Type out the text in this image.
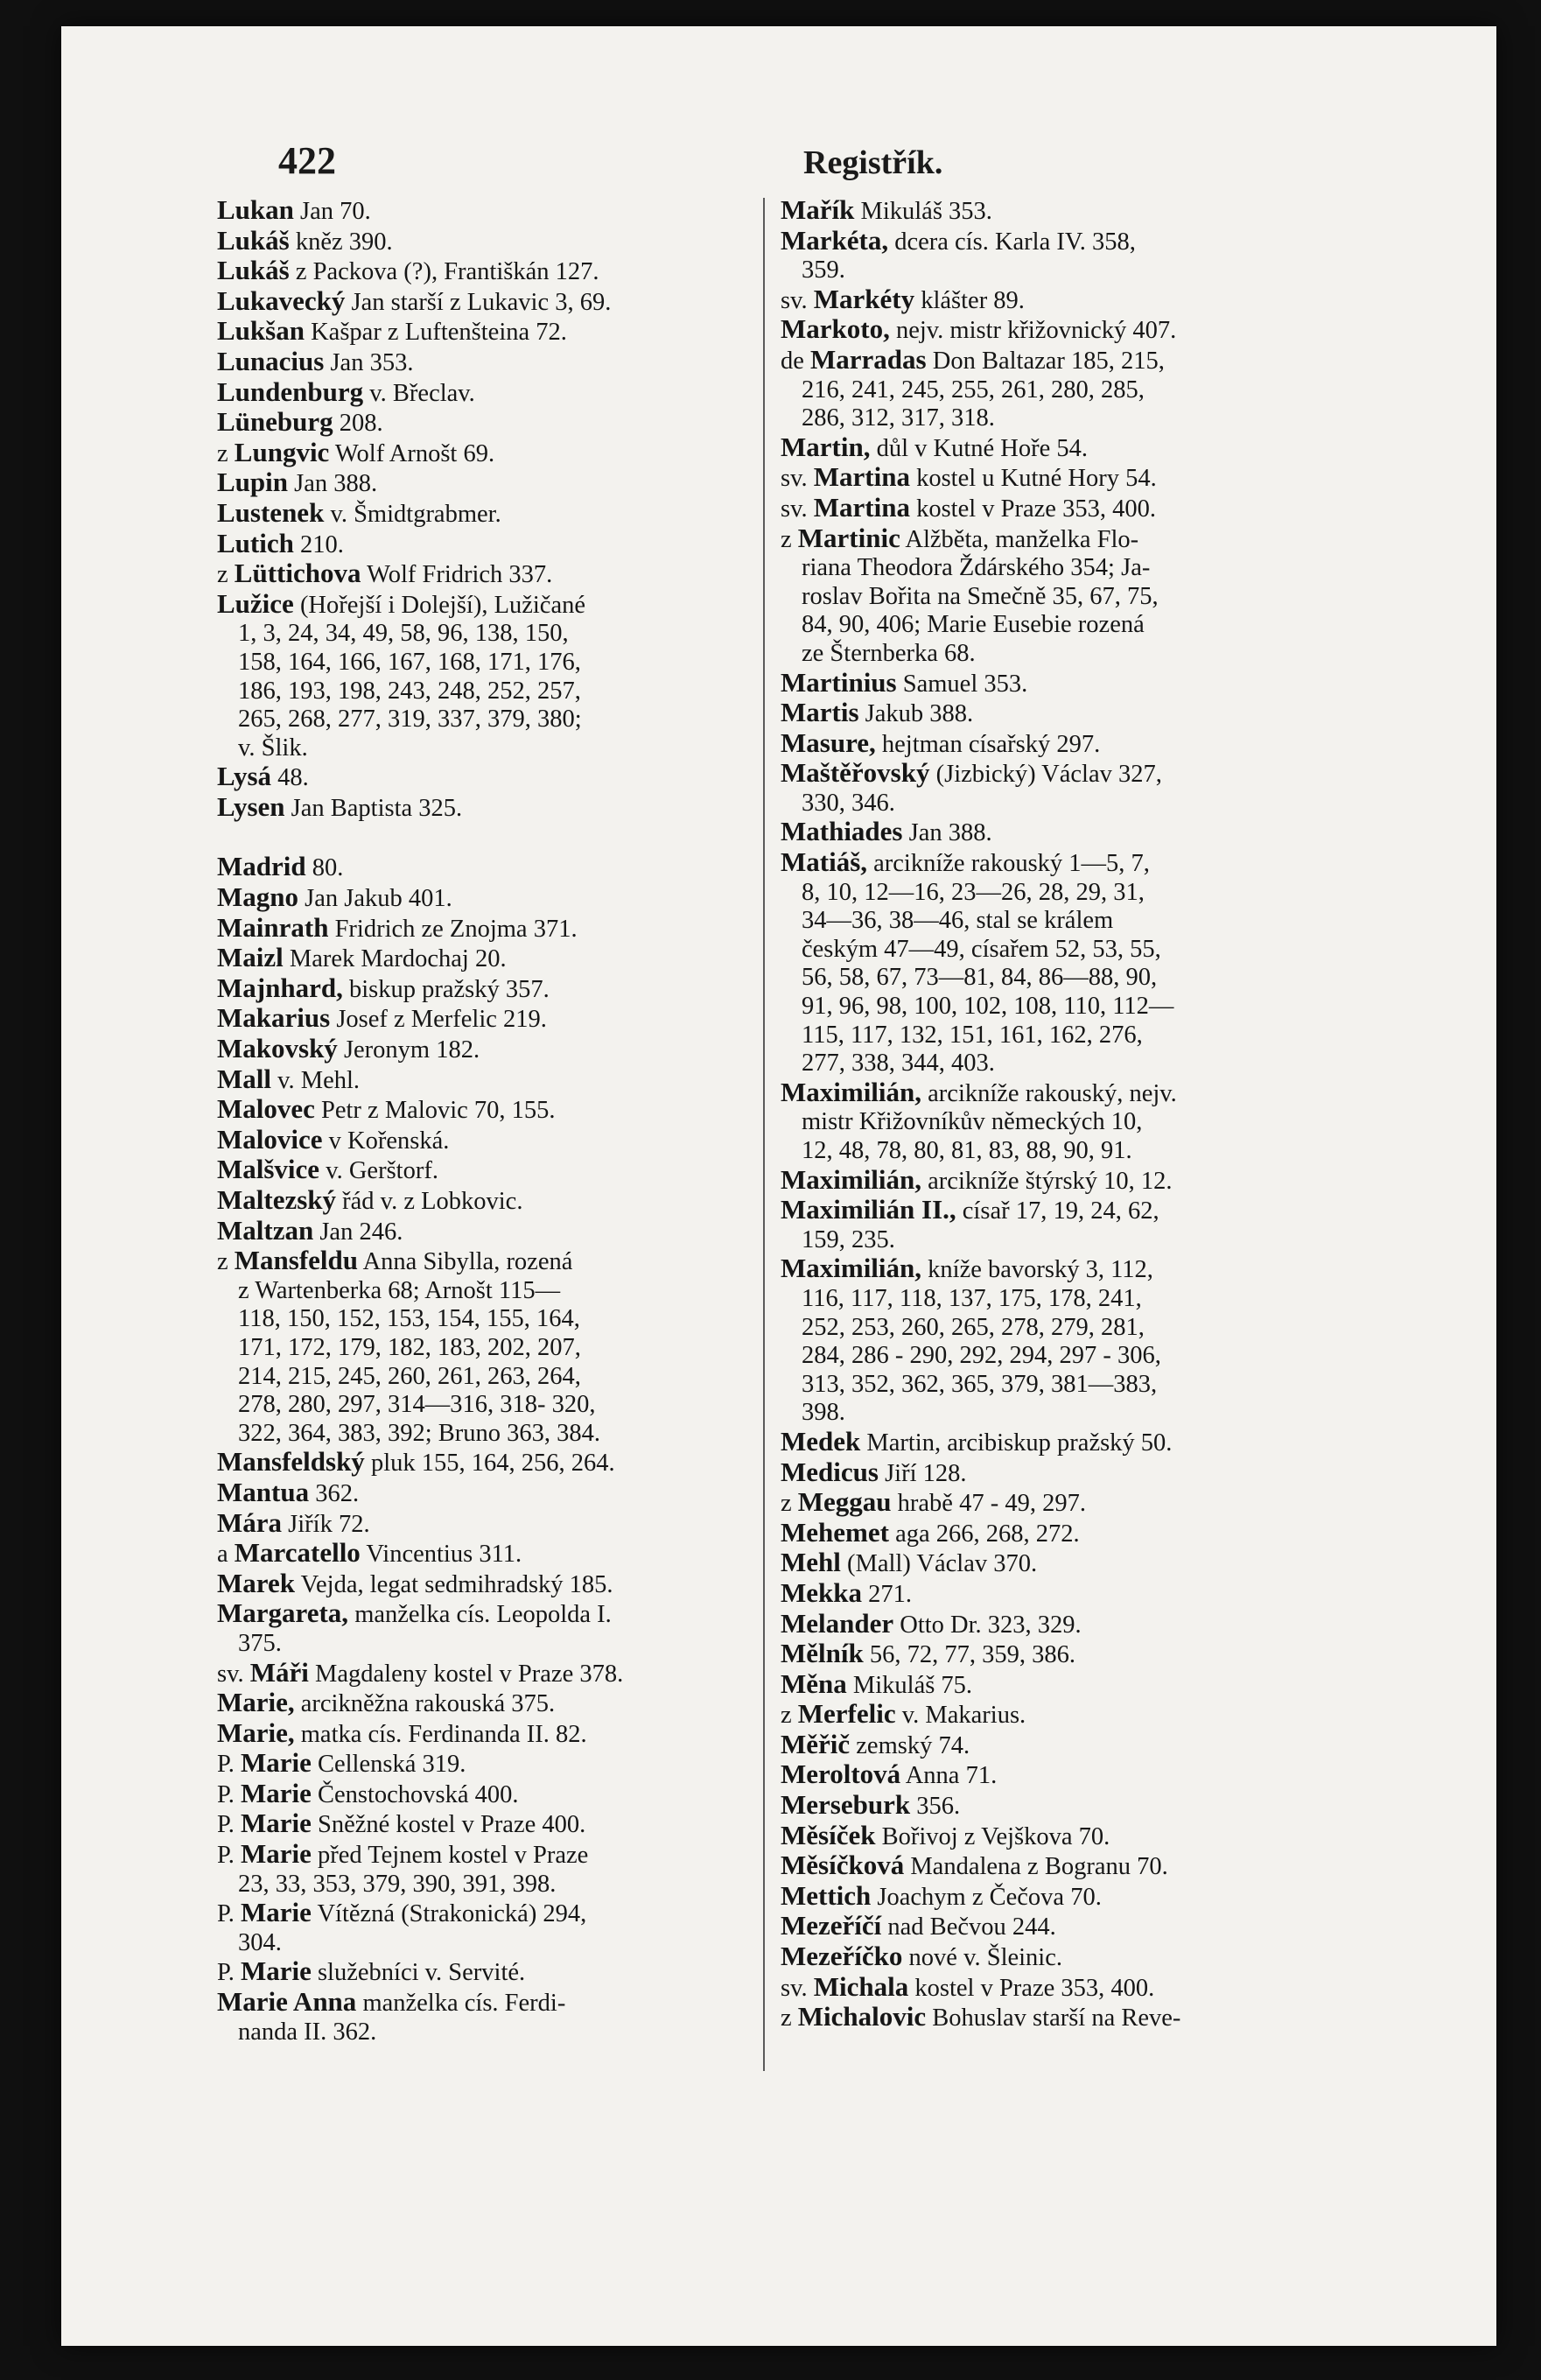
422	Registřík.
Lukan Jan 70.
Lukáš kněz 390.
Lukáš z Packova (?), Františkán 127.
Lukavecký Jan starší z Lukavic 3, 69.
Lukšan Kašpar z Luftenšteina 72.
Lunacius Jan 353.
Lundenburg v. Břeclav.
Lüneburg 208.
z Lungvic Wolf Arnošt 69.
Lupin Jan 388.
Lustenek v. Šmidtgrabmer.
Lutich 210.
z Lüttichova Wolf Fridrich 337.
Lužice (Hořejší i Dolejší), Lužičané
1, 3, 24, 34, 49, 58, 96, 138, 150,
158, 164, 166, 167, 168, 171, 176,
186, 193, 198, 243, 248, 252, 257,
265, 268, 277, 319, 337, 379, 380;
v. Šlik.
Lysá 48.
Lysen Jan Baptista 325.
Madrid 80.
Magno Jan Jakub 401.
Mainrath Fridrich ze Znojma 371.
Maizl Marek Mardochaj 20.
Majnhard, biskup pražský 357.
Makarius Josef z Merfelic 219.
Makovský Jeronym 182.
Mall v. Mehl.
Malovec Petr z Malovic 70, 155.
Malovice v Kořenská.
Malšvice v. Gerštorf.
Maltezský řád v. z Lobkovic.
Maltzan Jan 246.
z Mansfeldu Anna Sibylla, rozená
z Wartenberka 68; Arnošt 115—
118, 150, 152, 153, 154, 155, 164,
171, 172, 179, 182, 183, 202, 207,
214, 215, 245, 260, 261, 263, 264,
278, 280, 297, 314—316, 318- 320,
322, 364, 383, 392; Bruno 363, 384.
Mansfeldský pluk 155, 164, 256, 264.
Mantua 362.
Mára Jiřík 72.
a Marcatello Vincentius 311.
Marek Vejda, legat sedmihradský 185.
Margareta, manželka cís. Leopolda I.
375.
sv. Máři Magdaleny kostel v Praze 378.
Marie, arcikněžna rakouská 375.
Marie, matka cís. Ferdinanda II. 82.
P. Marie Cellenská 319.
P. Marie Čenstochovská 400.
P. Marie Sněžné kostel v Praze 400.
P. Marie před Tejnem kostel v Praze
23, 33, 353, 379, 390, 391, 398.
P. Marie Vítězná (Strakonická) 294,
304.
P. Marie služebníci v. Servité.
Marie Anna manželka cís. Ferdi-
nanda II. 362.
Mařík Mikuláš 353.
Markéta, dcera cís. Karla IV. 358,
359.
sv. Markéty klášter 89.
Markoto, nejv. mistr křižovnický 407.
de Marradas Don Baltazar 185, 215,
216, 241, 245, 255, 261, 280, 285,
286, 312, 317, 318.
Martin, důl v Kutné Hoře 54.
sv. Martina kostel u Kutné Hory 54.
sv. Martina kostel v Praze 353, 400.
z Martinic Alžběta, manželka Flo-
riana Theodora Ždárského 354; Ja-
roslav Bořita na Smečně 35, 67, 75,
84, 90, 406; Marie Eusebie rozená
ze Šternberka 68.
Martinius Samuel 353.
Martis Jakub 388.
Masure, hejtman císařský 297.
Maštěřovský (Jizbický) Václav 327,
330, 346.
Mathiades Jan 388.
Matiáš, arcikníže rakouský 1—5, 7,
8, 10, 12—16, 23—26, 28, 29, 31,
34—36, 38—46, stal se králem
českým 47—49, císařem 52, 53, 55,
56, 58, 67, 73—81, 84, 86—88, 90,
91, 96, 98, 100, 102, 108, 110, 112—
115, 117, 132, 151, 161, 162, 276,
277, 338, 344, 403.
Maximilián, arcikníže rakouský, nejv.
mistr Křižovníkův německých 10,
12, 48, 78, 80, 81, 83, 88, 90, 91.
Maximilián, arcikníže štýrský 10, 12.
Maximilián II., císař 17, 19, 24, 62,
159, 235.
Maximilián, kníže bavorský 3, 112,
116, 117, 118, 137, 175, 178, 241,
252, 253, 260, 265, 278, 279, 281,
284, 286 - 290, 292, 294, 297 - 306,
313, 352, 362, 365, 379, 381—383,
398.
Medek Martin, arcibiskup pražský 50.
Medicus Jiří 128.
z Meggau hrabě 47 - 49, 297.
Mehemet aga 266, 268, 272.
Mehl (Mall) Václav 370.
Mekka 271.
Melander Otto Dr. 323, 329.
Mělník 56, 72, 77, 359, 386.
Měna Mikuláš 75.
z Merfelic v. Makarius.
Měřič zemský 74.
Meroltová Anna 71.
Merseburk 356.
Měsíček Bořivoj z Vejškova 70.
Měsíčková Mandalena z Bogranu 70.
Mettich Joachym z Čečova 70.
Mezeříčí nad Bečvou 244.
Mezeříčko nové v. Šleinic.
sv. Michala kostel v Praze 353, 400.
z Michalovic Bohuslav starší na Reve-
